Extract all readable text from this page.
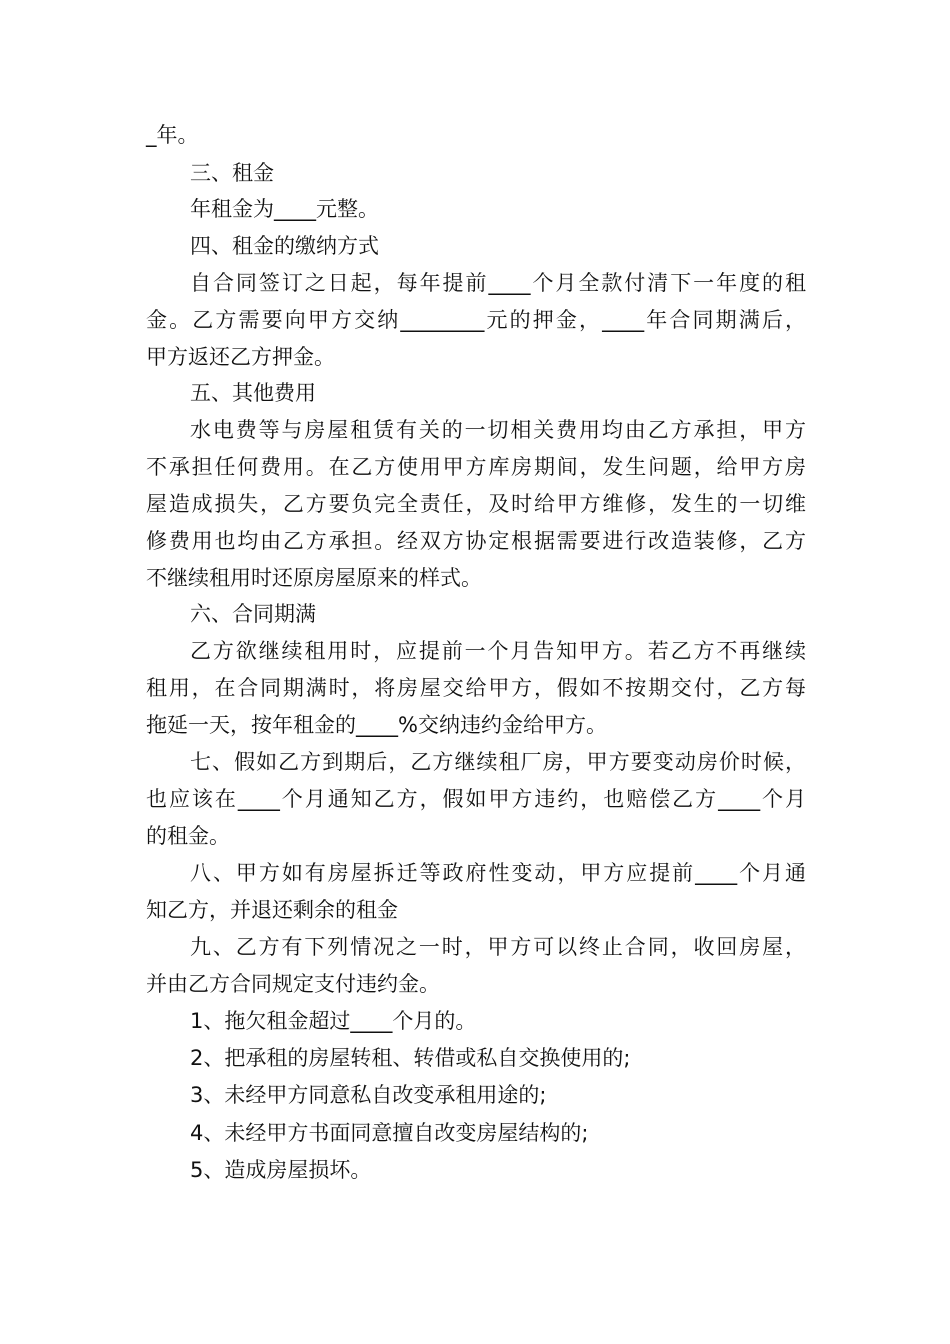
_年。
三、租金
年租金为____元整。
四、租金的缴纳方式
自合同签订之日起，每年提前____个月全款付清下一年度的租
金。乙方需要向甲方交纳________元的押金，____年合同期满后，
甲方返还乙方押金。
五、其他费用
水电费等与房屋租赁有关的一切相关费用均由乙方承担，甲方
不承担任何费用。在乙方使用甲方库房期间，发生问题，给甲方房
屋造成损失，乙方要负完全责任，及时给甲方维修，发生的一切维
修费用也均由乙方承担。经双方协定根据需要进行改造装修，乙方
不继续租用时还原房屋原来的样式。
六、合同期满
乙方欲继续租用时，应提前一个月告知甲方。若乙方不再继续
租用，在合同期满时，将房屋交给甲方，假如不按期交付，乙方每
拖延一天，按年租金的____%交纳违约金给甲方。
七、假如乙方到期后，乙方继续租厂房，甲方要变动房价时候，
也应该在____个月通知乙方，假如甲方违约，也赔偿乙方____个月
的租金。
八、甲方如有房屋拆迁等政府性变动，甲方应提前____个月通
知乙方，并退还剩余的租金
九、乙方有下列情况之一时，甲方可以终止合同，收回房屋，
并由乙方合同规定支付违约金。
1、拖欠租金超过____个月的。
2、把承租的房屋转租、转借或私自交换使用的;
3、未经甲方同意私自改变承租用途的;
4、未经甲方书面同意擅自改变房屋结构的;
5、造成房屋损坏。
